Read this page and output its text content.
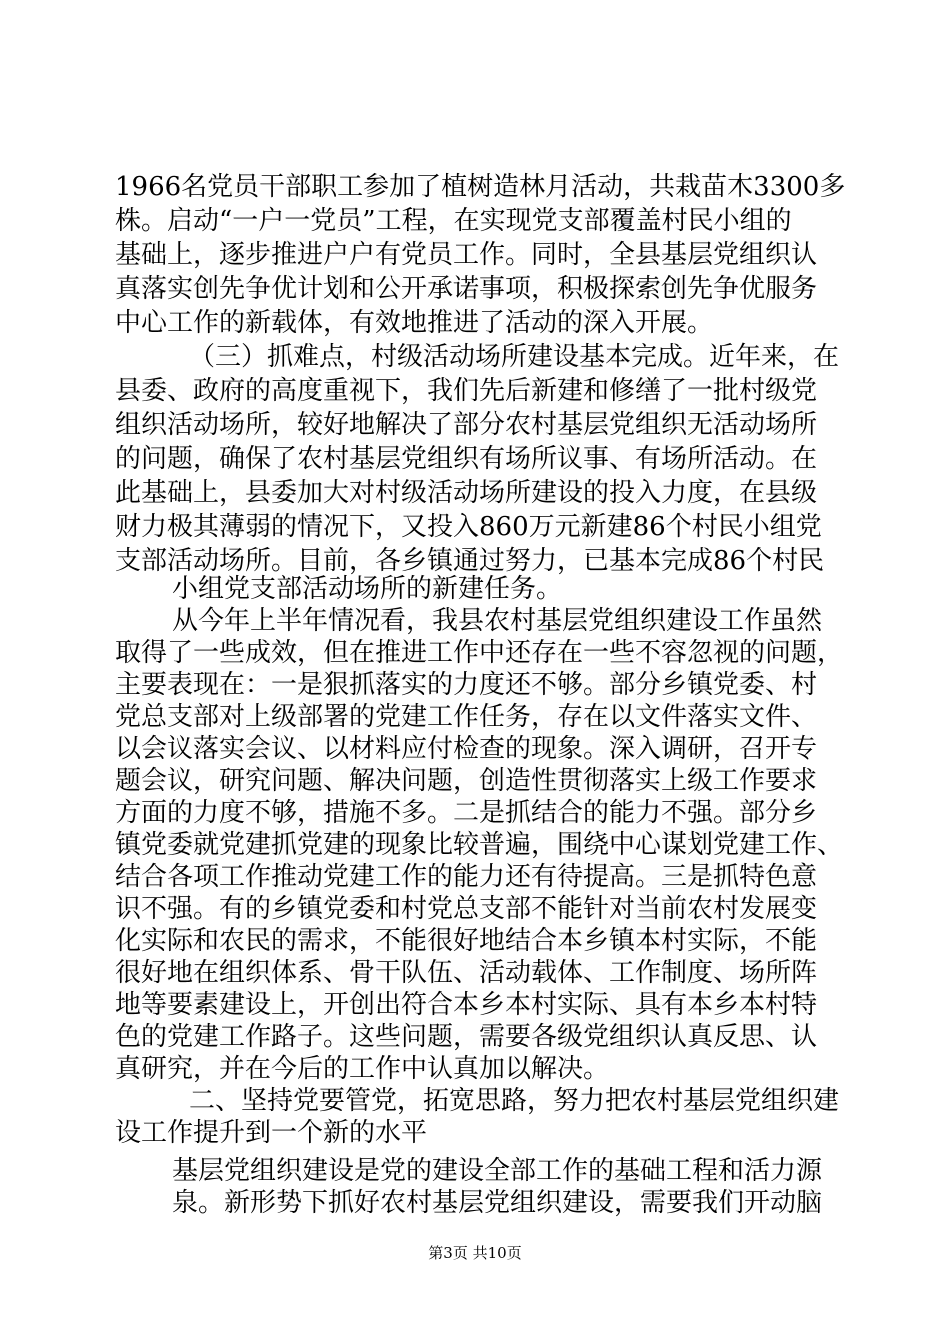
1966名党员干部职工参加了植树造林月活动，共栽苗木3300多
株。启动“一户一党员”工程，在实现党支部覆盖村民小组的
基础上，逐步推进户户有党员工作。同时，全县基层党组织认
真落实创先争优计划和公开承诺事项，积极探索创先争优服务
中心工作的新载体，有效地推进了活动的深入开展。
（三）抓难点，村级活动场所建设基本完成。近年来，在
县委、政府的高度重视下，我们先后新建和修缮了一批村级党
组织活动场所，较好地解决了部分农村基层党组织无活动场所
的问题，确保了农村基层党组织有场所议事、有场所活动。在
此基础上，县委加大对村级活动场所建设的投入力度，在县级
财力极其薄弱的情况下，又投入860万元新建86个村民小组党
支部活动场所。目前，各乡镇通过努力，已基本完成86个村民
小组党支部活动场所的新建任务。
从今年上半年情况看，我县农村基层党组织建设工作虽然
取得了一些成效，但在推进工作中还存在一些不容忽视的问题，
主要表现在：一是狠抓落实的力度还不够。部分乡镇党委、村
党总支部对上级部署的党建工作任务，存在以文件落实文件、
以会议落实会议、以材料应付检查的现象。深入调研，召开专
题会议，研究问题、解决问题，创造性贯彻落实上级工作要求
方面的力度不够，措施不多。二是抓结合的能力不强。部分乡
镇党委就党建抓党建的现象比较普遍，围绕中心谋划党建工作、
结合各项工作推动党建工作的能力还有待提高。三是抓特色意
识不强。有的乡镇党委和村党总支部不能针对当前农村发展变
化实际和农民的需求，不能很好地结合本乡镇本村实际，不能
很好地在组织体系、骨干队伍、活动载体、工作制度、场所阵
地等要素建设上，开创出符合本乡本村实际、具有本乡本村特
色的党建工作路子。这些问题，需要各级党组织认真反思、认
真研究，并在今后的工作中认真加以解决。
二、坚持党要管党，拓宽思路，努力把农村基层党组织建
设工作提升到一个新的水平
基层党组织建设是党的建设全部工作的基础工程和活力源
泉。新形势下抓好农村基层党组织建设，需要我们开动脑
第3页 共10页
